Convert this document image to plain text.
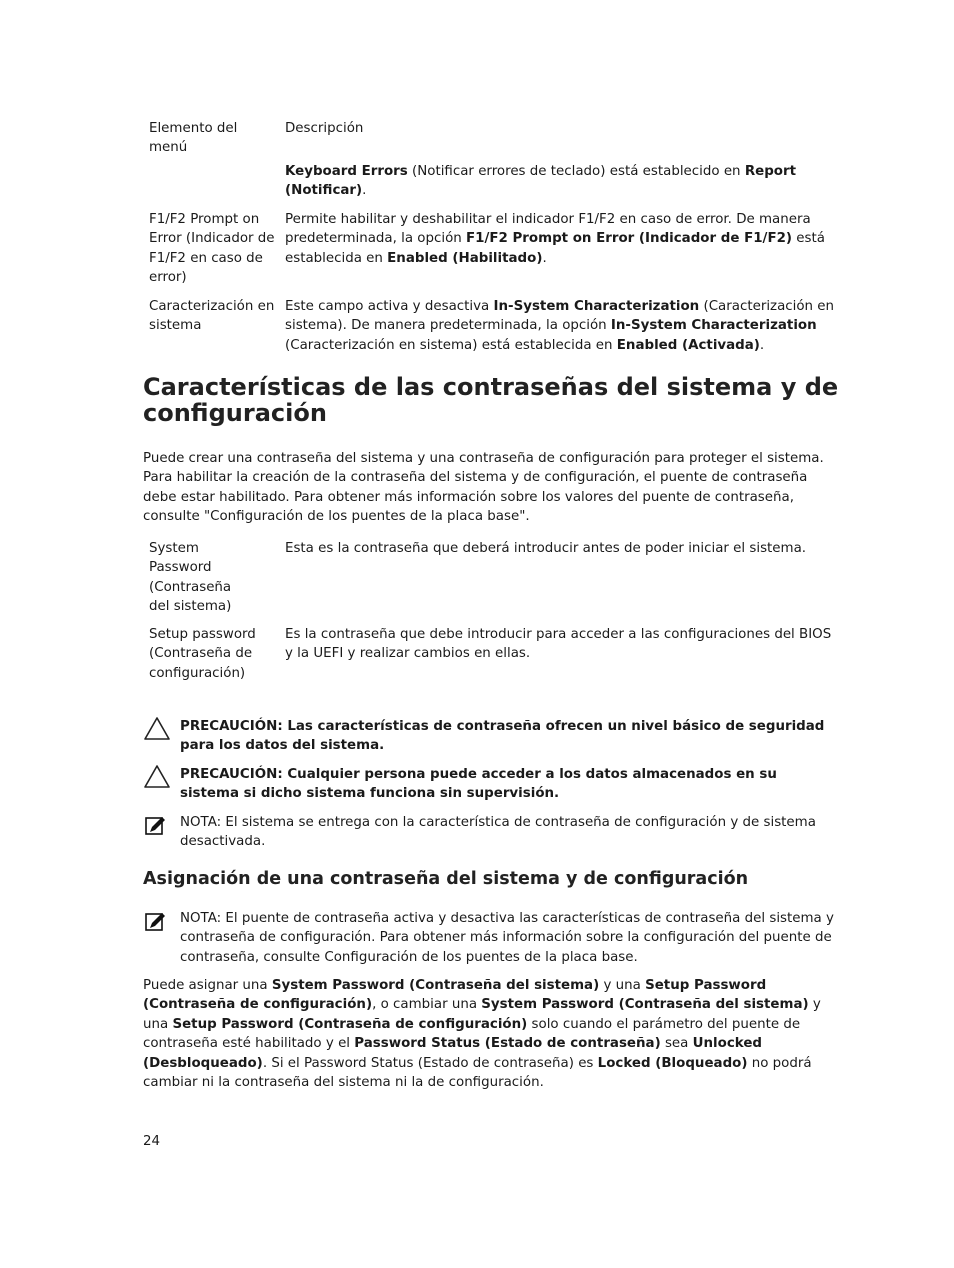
Elemento del menú
Descripción
Keyboard Errors (Notificar errores de teclado) está establecido en Report (Notificar).
F1/F2 Prompt on Error (Indicador de F1/F2 en caso de error)
Permite habilitar y deshabilitar el indicador F1/F2 en caso de error. De manera predeterminada, la opción F1/F2 Prompt on Error (Indicador de F1/F2) está establecida en Enabled (Habilitado).
Caracterización en sistema
Este campo activa y desactiva In-System Characterization (Caracterización en sistema). De manera predeterminada, la opción In-System Characterization (Caracterización en sistema) está establecida en Enabled (Activada).
Características de las contraseñas del sistema y de configuración
Puede crear una contraseña del sistema y una contraseña de configuración para proteger el sistema. Para habilitar la creación de la contraseña del sistema y de configuración, el puente de contraseña debe estar habilitado. Para obtener más información sobre los valores del puente de contraseña, consulte "Configuración de los puentes de la placa base".
System Password (Contraseña del sistema)
Esta es la contraseña que deberá introducir antes de poder iniciar el sistema.
Setup password (Contraseña de configuración)
Es la contraseña que debe introducir para acceder a las configuraciones del BIOS y la UEFI y realizar cambios en ellas.
PRECAUCIÓN: Las características de contraseña ofrecen un nivel básico de seguridad para los datos del sistema.
PRECAUCIÓN: Cualquier persona puede acceder a los datos almacenados en su sistema si dicho sistema funciona sin supervisión.
NOTA: El sistema se entrega con la característica de contraseña de configuración y de sistema desactivada.
Asignación de una contraseña del sistema y de configuración
NOTA: El puente de contraseña activa y desactiva las características de contraseña del sistema y contraseña de configuración. Para obtener más información sobre la configuración del puente de contraseña, consulte Configuración de los puentes de la placa base.
Puede asignar una System Password (Contraseña del sistema) y una Setup Password (Contraseña de configuración), o cambiar una System Password (Contraseña del sistema) y una Setup Password (Contraseña de configuración) solo cuando el parámetro del puente de contraseña esté habilitado y el Password Status (Estado de contraseña) sea Unlocked (Desbloqueado). Si el Password Status (Estado de contraseña) es Locked (Bloqueado) no podrá cambiar ni la contraseña del sistema ni la de configuración.
24
